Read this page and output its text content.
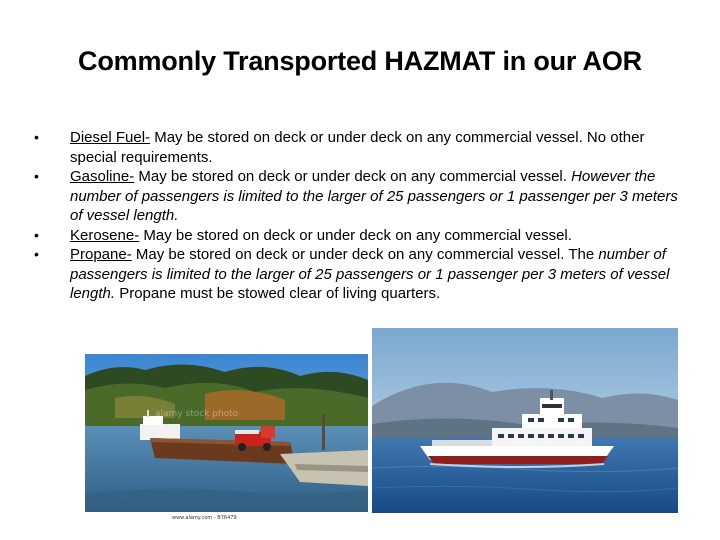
Commonly Transported HAZMAT in our AOR
• Diesel Fuel- May be stored on deck or under deck on any commercial vessel. No other special requirements.
• Gasoline- May be stored on deck or under deck on any commercial vessel. However the number of passengers is limited to the larger of 25 passengers or 1 passenger per 3 meters of vessel length.
• Kerosene- May be stored on deck or under deck on any commercial vessel.
• Propane- May be stored on deck or under deck on any commercial vessel. The number of passengers is limited to the larger of 25 passengers or 1 passenger per 3 meters of vessel length. Propane must be stowed clear of living quarters.
alamy stock photo
www.alamy.com - B76479
